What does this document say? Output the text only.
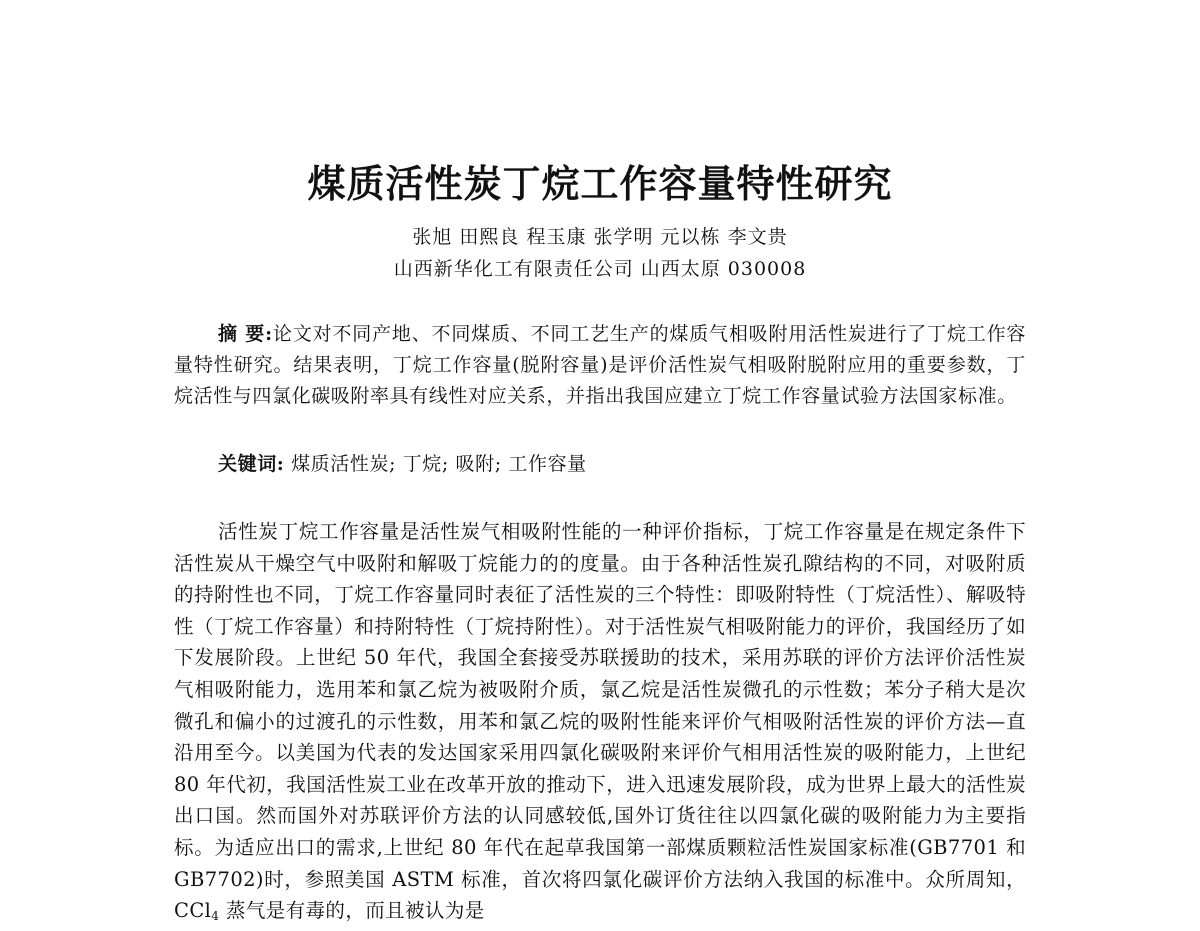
煤质活性炭丁烷工作容量特性研究
张旭 田熙良 程玉康 张学明 元以栋 李文贵
山西新华化工有限责任公司 山西太原 030008
摘 要:论文对不同产地、不同煤质、不同工艺生产的煤质气相吸附用活性炭进行了丁烷工作容量特性研究。结果表明，丁烷工作容量(脱附容量)是评价活性炭气相吸附脱附应用的重要参数，丁烷活性与四氯化碳吸附率具有线性对应关系，并指出我国应建立丁烷工作容量试验方法国家标准。
关键词: 煤质活性炭; 丁烷; 吸附; 工作容量
活性炭丁烷工作容量是活性炭气相吸附性能的一种评价指标，丁烷工作容量是在规定条件下活性炭从干燥空气中吸附和解吸丁烷能力的的度量。由于各种活性炭孔隙结构的不同，对吸附质的持附性也不同，丁烷工作容量同时表征了活性炭的三个特性：即吸附特性（丁烷活性）、解吸特性（丁烷工作容量）和持附特性（丁烷持附性）。对于活性炭气相吸附能力的评价，我国经历了如下发展阶段。上世纪 50 年代，我国全套接受苏联援助的技术，采用苏联的评价方法评价活性炭气相吸附能力，选用苯和氯乙烷为被吸附介质，氯乙烷是活性炭微孔的示性数；苯分子稍大是次微孔和偏小的过渡孔的示性数，用苯和氯乙烷的吸附性能来评价气相吸附活性炭的评价方法—直沿用至今。以美国为代表的发达国家采用四氯化碳吸附来评价气相用活性炭的吸附能力，上世纪 80 年代初，我国活性炭工业在改革开放的推动下，进入迅速发展阶段，成为世界上最大的活性炭出口国。然而国外对苏联评价方法的认同感较低,国外订货往往以四氯化碳的吸附能力为主要指标。为适应出口的需求,上世纪 80 年代在起草我国第一部煤质颗粒活性炭国家标准(GB7701 和 GB7702)时，参照美国 ASTM 标准，首次将四氯化碳评价方法纳入我国的标准中。众所周知，CCl$_4$ 蒸气是有毒的，而且被认为是
